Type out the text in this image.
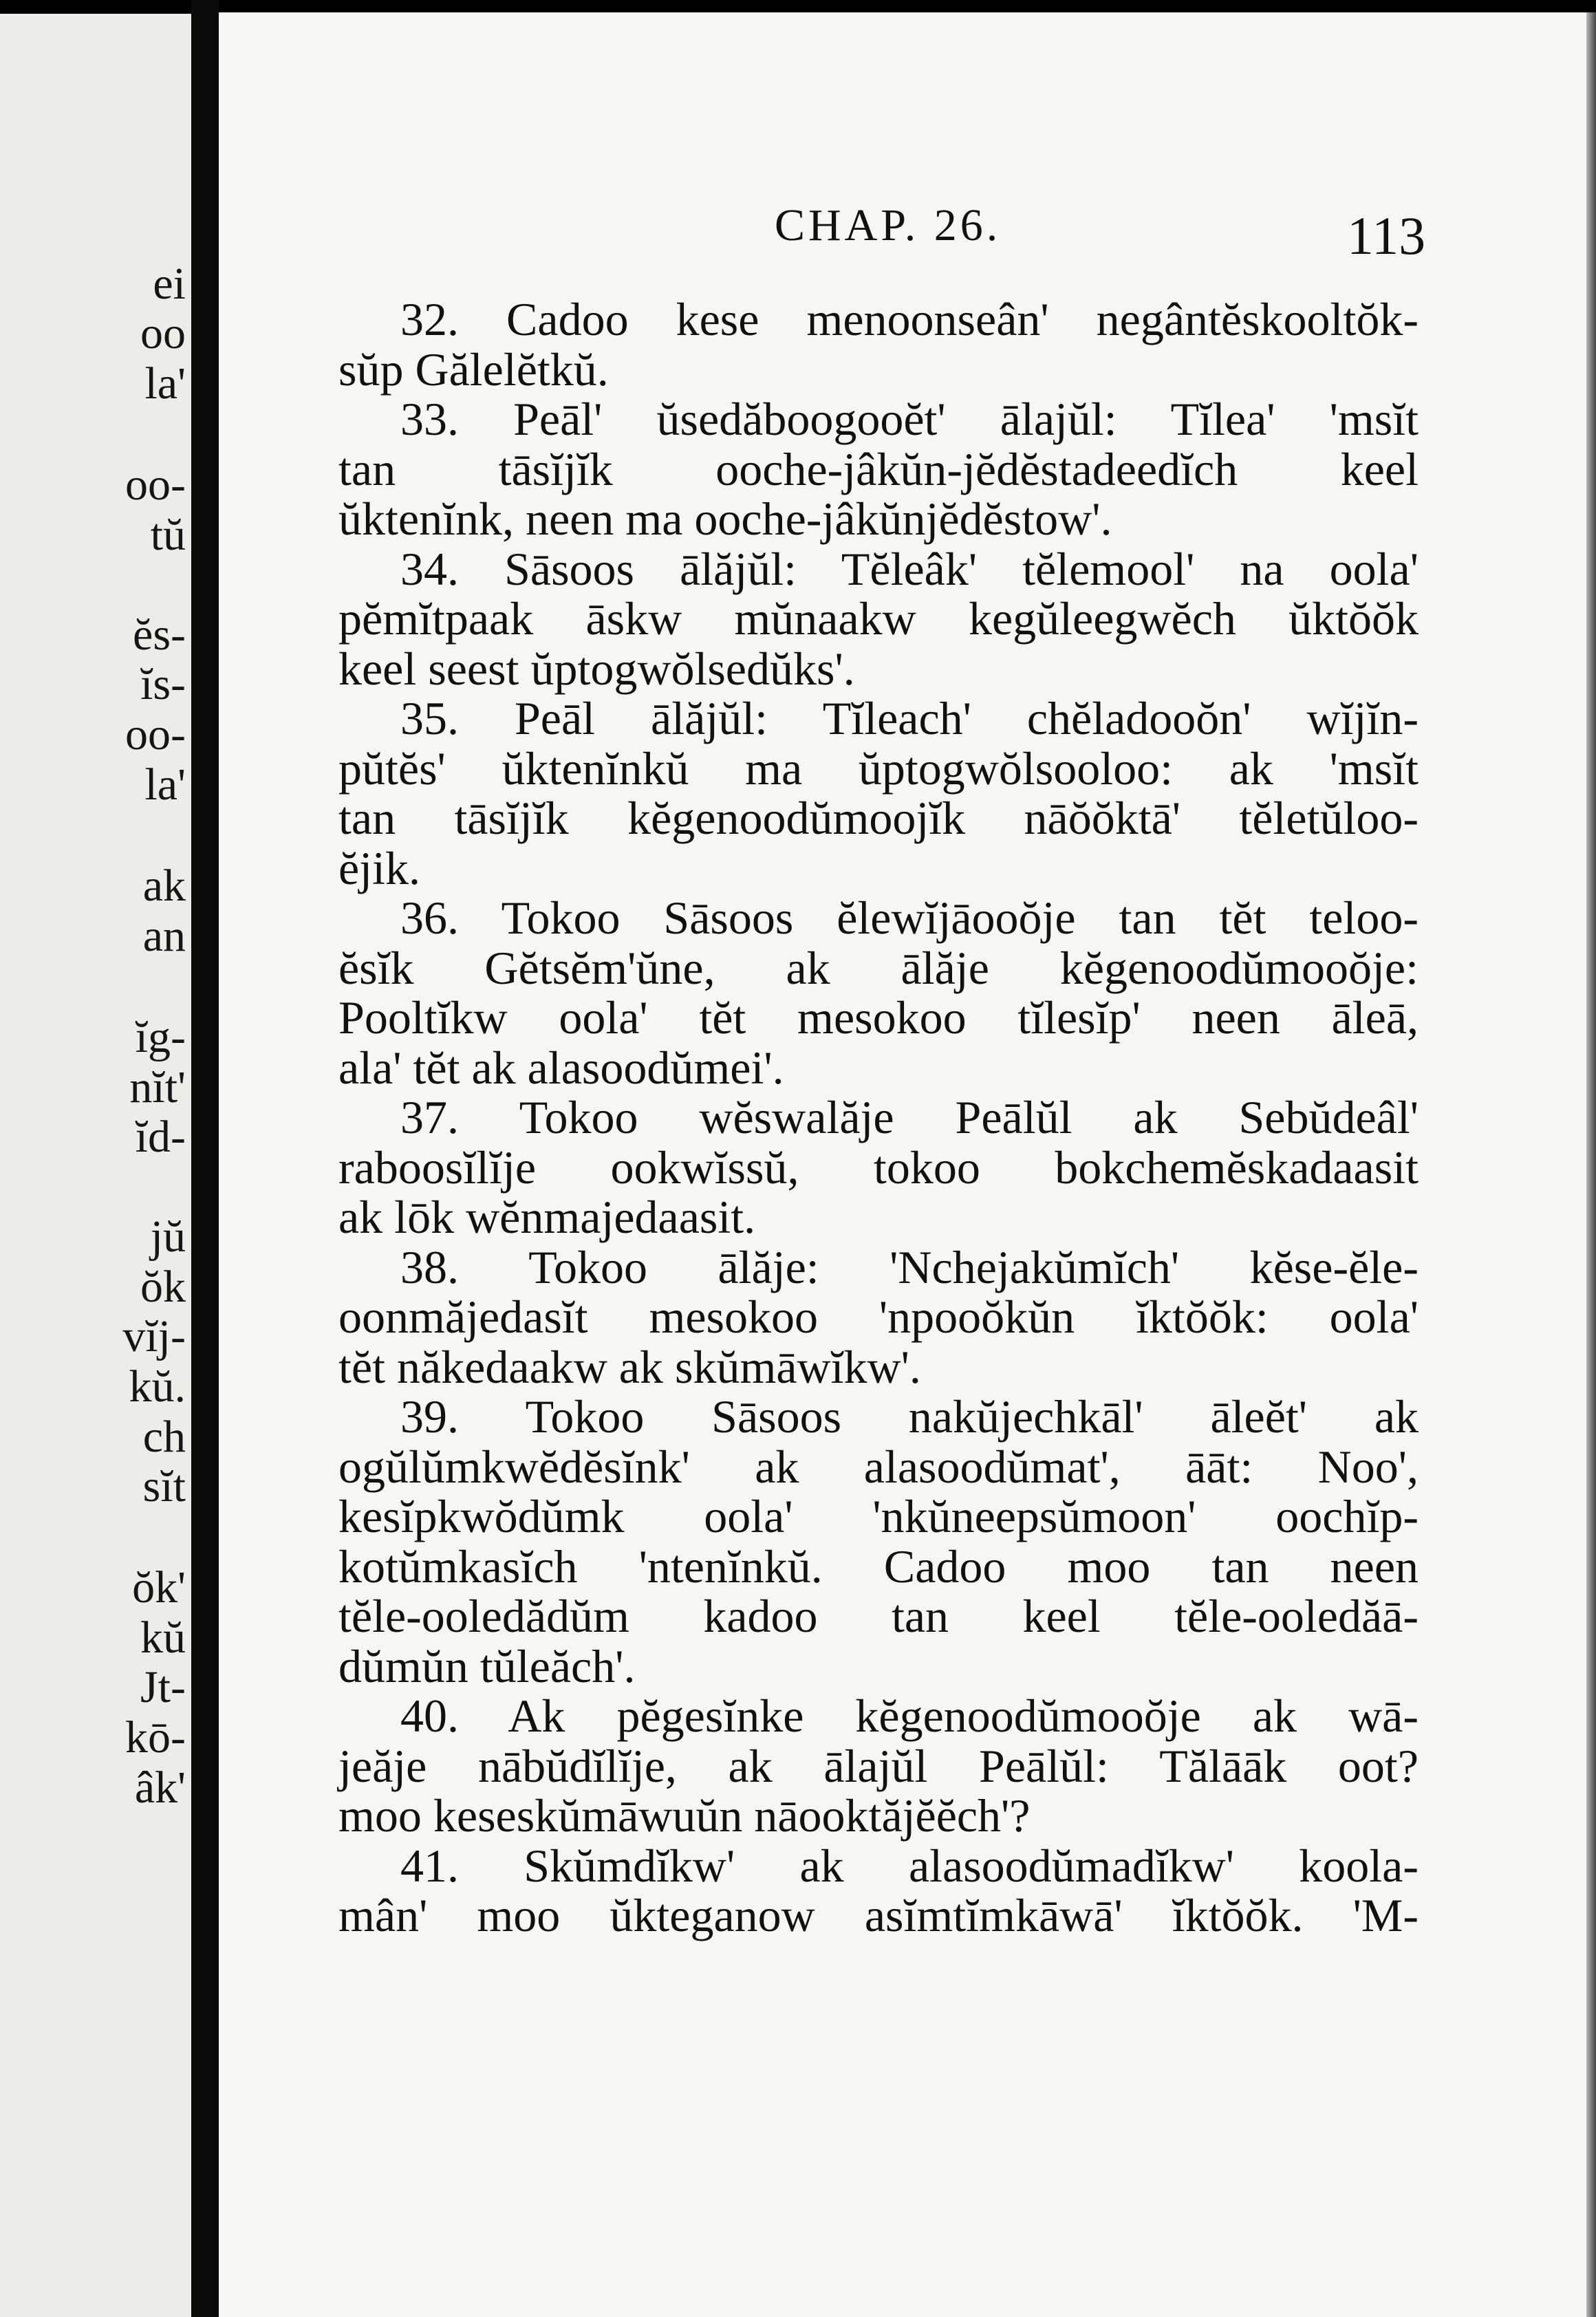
ei
oo
la'
oo-
tŭ
ĕs-
ĭs-
oo-
la'
ak
an
ĭg-
nĭt'
ĭd-
jŭ
ŏk
vĭj-
kŭ.
ch
sĭt
ŏk'
kŭ
Jt-
kō-
âk'
CHAP. 26.	113
32. Cadoo kese menoonseân' negântĕskooltŏk-
sŭp Gălelĕtkŭ.
33. Peāl' ŭsedăboogooĕt' ālajŭl: Tĭlea' 'msĭt
tan tāsĭjĭk ooche-jâkŭn-jĕdĕstadeedĭch keel
ŭktenĭnk, neen ma ooche-jâkŭnjĕdĕstow'.
34. Sāsoos ālăjŭl: Tĕleâk' tĕlemool' na oola'
pĕmĭtpaak āskw mŭnaakw kegŭleegwĕch ŭktŏŏk
keel seest ŭptogwŏlsedŭks'.
35. Peāl ālăjŭl: Tĭleach' chĕladooŏn' wĭjĭn-
pŭtĕs' ŭktenĭnkŭ ma ŭptogwŏlsooloo: ak 'msĭt
tan tāsĭjĭk kĕgenoodŭmoojĭk nāŏŏktā' tĕletŭloo-
ĕjik.
36. Tokoo Sāsoos ĕlewĭjāooŏje tan tĕt teloo-
ĕsĭk Gĕtsĕm'ŭne, ak ālăje kĕgenoodŭmooŏje:
Pooltĭkw oola' tĕt mesokoo tĭlesĭp' neen āleā,
ala' tĕt ak alasoodŭmei'.
37. Tokoo wĕswalăje Peālŭl ak Sebŭdeâl'
raboosĭlĭje ookwĭssŭ, tokoo bokchemĕskadaasit
ak lōk wĕnmajedaasit.
38. Tokoo ālăje: 'Nchejakŭmĭch' kĕse-ĕle-
oonmăjedasĭt mesokoo 'npooŏkŭn ĭktŏŏk: oola'
tĕt năkedaakw ak skŭmāwĭkw'.
39. Tokoo Sāsoos nakŭjechkāl' āleĕt' ak
ogŭlŭmkwĕdĕsĭnk' ak alasoodŭmat', āāt: Noo',
kesĭpkwŏdŭmk oola' 'nkŭneepsŭmoon' oochĭp-
kotŭmkasĭch 'ntenĭnkŭ. Cadoo moo tan neen
tĕle-ooledădŭm kadoo tan keel tĕle-ooledăā-
dŭmŭn tŭleăch'.
40. Ak pĕgesĭnke kĕgenoodŭmooŏje ak wā-
jeăje nābŭdĭlĭje, ak ālajŭl Peālŭl: Tălāāk oot?
moo keseskŭmāwuŭn nāooktăjĕĕch'?
41. Skŭmdĭkw' ak alasoodŭmadĭkw' koola-
mân' moo ŭkteganow asĭmtĭmkāwā' ĭktŏŏk. 'M-
